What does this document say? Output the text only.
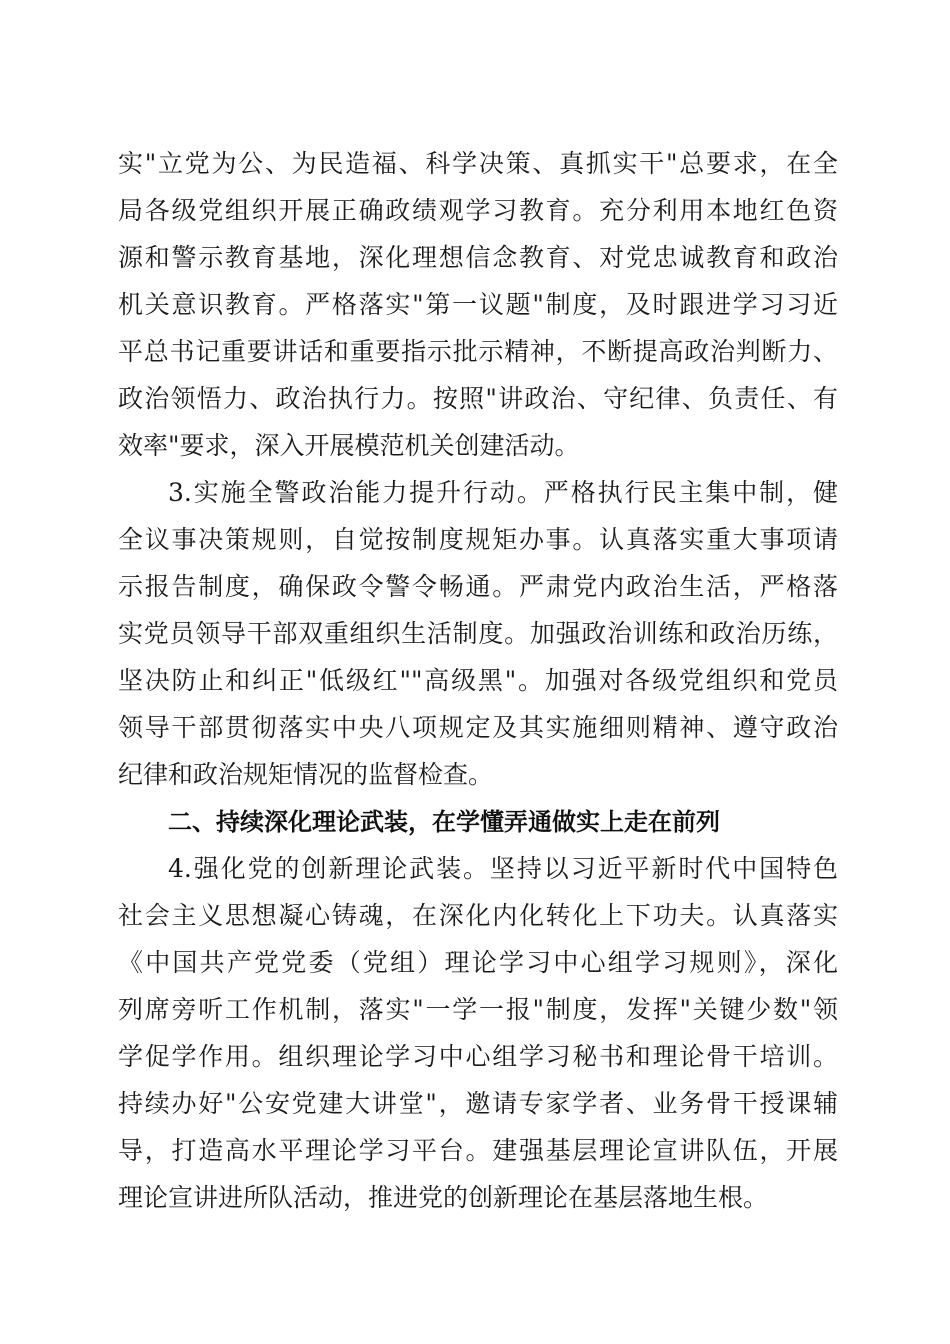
实"立党为公、为民造福、科学决策、真抓实干"总要求，在全
局各级党组织开展正确政绩观学习教育。充分利用本地红色资
源和警示教育基地，深化理想信念教育、对党忠诚教育和政治
机关意识教育。严格落实"第一议题"制度，及时跟进学习习近
平总书记重要讲话和重要指示批示精神，不断提高政治判断力、
政治领悟力、政治执行力。按照"讲政治、守纪律、负责任、有
效率"要求，深入开展模范机关创建活动。
3.实施全警政治能力提升行动。严格执行民主集中制，健
全议事决策规则，自觉按制度规矩办事。认真落实重大事项请
示报告制度，确保政令警令畅通。严肃党内政治生活，严格落
实党员领导干部双重组织生活制度。加强政治训练和政治历练，
坚决防止和纠正"低级红""高级黑"。加强对各级党组织和党员
领导干部贯彻落实中央八项规定及其实施细则精神、遵守政治
纪律和政治规矩情况的监督检查。
二、持续深化理论武装，在学懂弄通做实上走在前列
4.强化党的创新理论武装。坚持以习近平新时代中国特色
社会主义思想凝心铸魂，在深化内化转化上下功夫。认真落实
《中国共产党党委（党组）理论学习中心组学习规则》，深化
列席旁听工作机制，落实"一学一报"制度，发挥"关键少数"领
学促学作用。组织理论学习中心组学习秘书和理论骨干培训。
持续办好"公安党建大讲堂"，邀请专家学者、业务骨干授课辅
导，打造高水平理论学习平台。建强基层理论宣讲队伍，开展
理论宣讲进所队活动，推进党的创新理论在基层落地生根。
